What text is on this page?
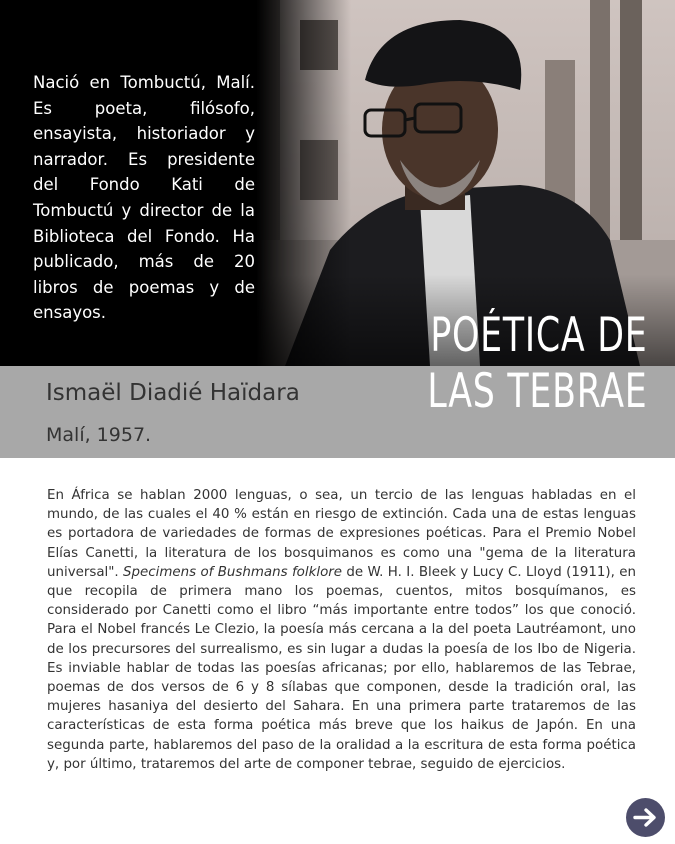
Nació en Tombuctú, Malí. Es poeta, filósofo, ensayista, historiador y narrador. Es presidente del Fondo Kati de Tombuctú y director de la Biblioteca del Fondo. Ha publicado, más de 20 libros de poemas y de ensayos.

Ismaël Diadié Haïdara

Malí, 1957.

POÉTICA DE
LAS TEBRAE

En África se hablan 2000 lenguas, o sea, un tercio de las lenguas habladas en el mundo, de las cuales el 40 % están en riesgo de extinción. Cada una de estas lenguas es portadora de variedades de formas de expresiones poéticas. Para el Premio Nobel Elías Canetti, la literatura de los bosquimanos es como una "gema de la literatura universal". Specimens of Bushmans folklore de W. H. I. Bleek y Lucy C. Lloyd (1911), en que recopila de primera mano los poemas, cuentos, mitos bosquímanos, es considerado por Canetti como el libro “más importante entre todos” los que conoció. Para el Nobel francés Le Clezio, la poesía más cercana a la del poeta Lautréamont, uno de los precursores del surrealismo, es sin lugar a dudas la poesía de los Ibo de Nigeria. Es inviable hablar de todas las poesías africanas; por ello, hablaremos de las Tebrae, poemas de dos versos de 6 y 8 sílabas que componen, desde la tradición oral, las mujeres hasaniya del desierto del Sahara. En una primera parte trataremos de las características de esta forma poética más breve que los haikus de Japón. En una segunda parte, hablaremos del paso de la oralidad a la escritura de esta forma poética y, por último, trataremos del arte de componer tebrae, seguido de ejercicios.
